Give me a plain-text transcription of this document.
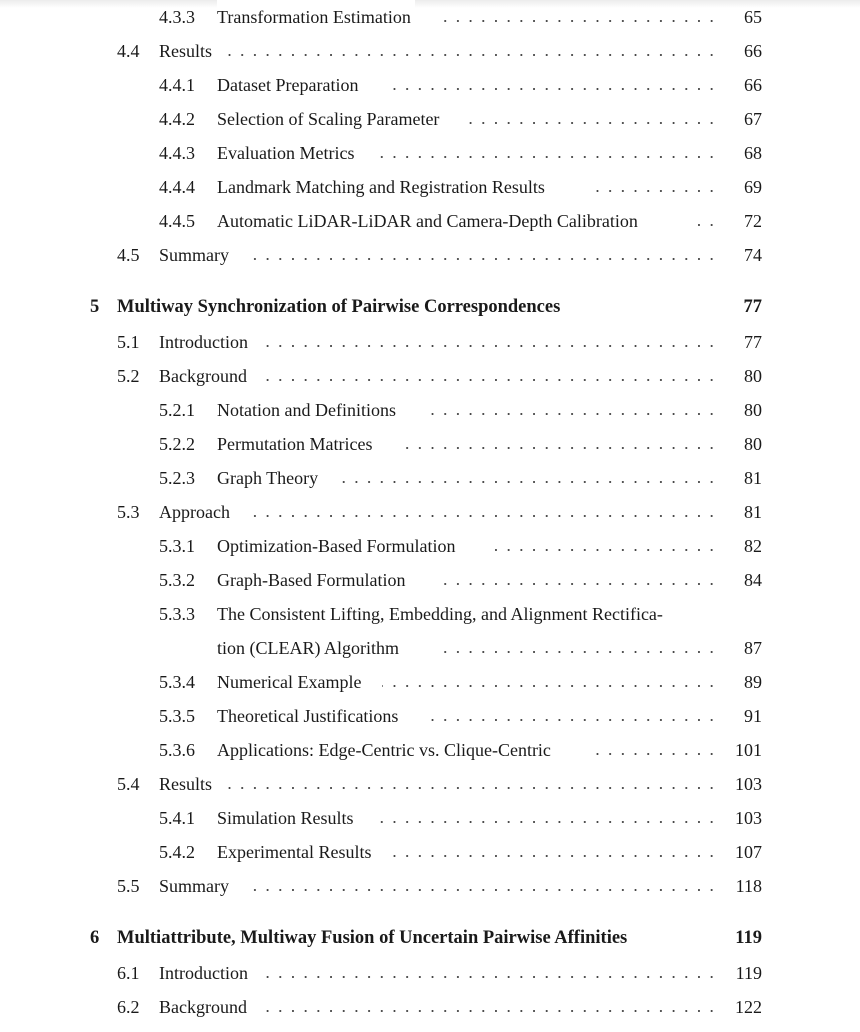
4.3.3 Transformation Estimation	65
4.4 Results	66
4.4.1 Dataset Preparation	66
4.4.2 Selection of Scaling Parameter	67
4.4.3 Evaluation Metrics	68
4.4.4 Landmark Matching and Registration Results	69
4.4.5 Automatic LiDAR-LiDAR and Camera-Depth Calibration	72
4.5 Summary	74
5 Multiway Synchronization of Pairwise Correspondences	77
5.1 Introduction	77
5.2 Background	80
5.2.1 Notation and Definitions	80
5.2.2 Permutation Matrices	80
5.2.3 Graph Theory	81
5.3 Approach	81
5.3.1 Optimization-Based Formulation	82
5.3.2 Graph-Based Formulation	84
5.3.3 The Consistent Lifting, Embedding, and Alignment Rectifica-
tion (CLEAR) Algorithm	87
5.3.4 Numerical Example	89
5.3.5 Theoretical Justifications	91
5.3.6 Applications: Edge-Centric vs. Clique-Centric	101
5.4 Results	103
5.4.1 Simulation Results	103
5.4.2 Experimental Results	107
5.5 Summary	118
6 Multiattribute, Multiway Fusion of Uncertain Pairwise Affinities	119
6.1 Introduction	119
6.2 Background	122
